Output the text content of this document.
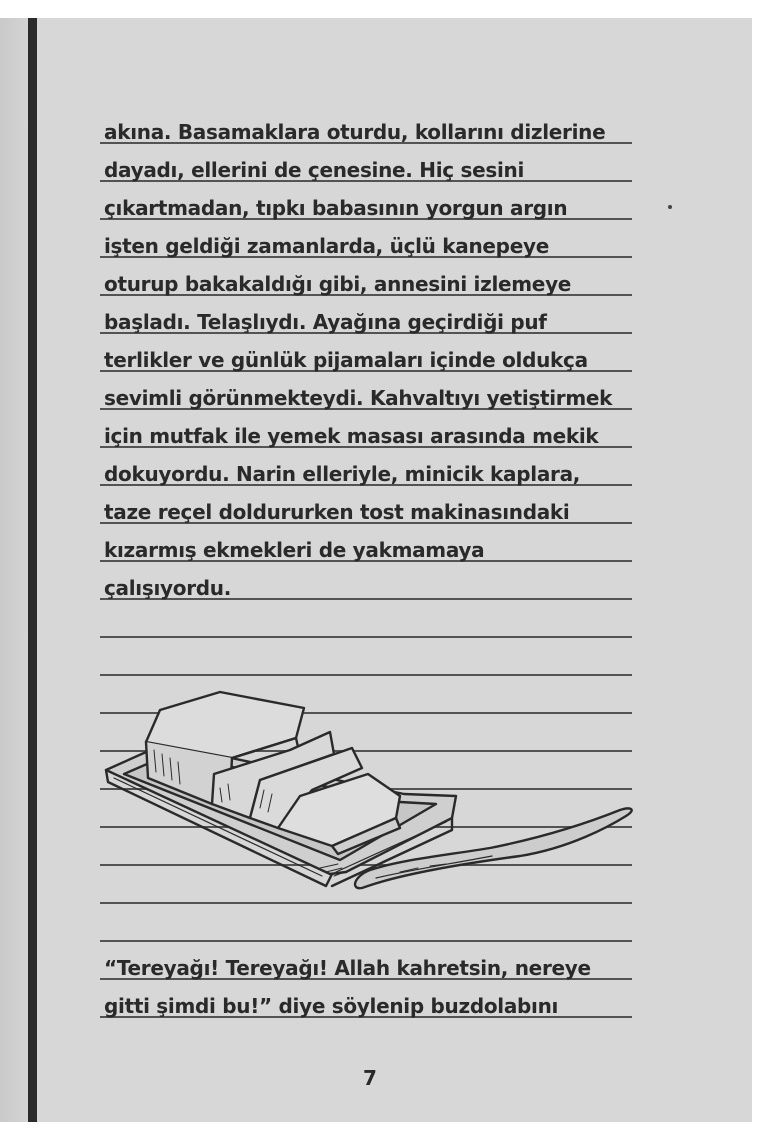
akına. Basamaklara oturdu, kollarını dizlerine
dayadı, ellerini de çenesine. Hiç sesini
çıkartmadan, tıpkı babasının yorgun argın
işten geldiği zamanlarda, üçlü kanepeye
oturup bakakaldığı gibi, annesini izlemeye
başladı. Telaşlıydı. Ayağına geçirdiği puf
terlikler ve günlük pijamaları içinde oldukça
sevimli görünmekteydi. Kahvaltıyı yetiştirmek
için mutfak ile yemek masası arasında mekik
dokuyordu. Narin elleriyle, minicik kaplara,
taze reçel doldururken tost makinasındaki
kızarmış ekmekleri de yakmamaya
çalışıyordu.
“Tereyağı! Tereyağı! Allah kahretsin, nereye
gitti şimdi bu!” diye söylenip buzdolabını
7
